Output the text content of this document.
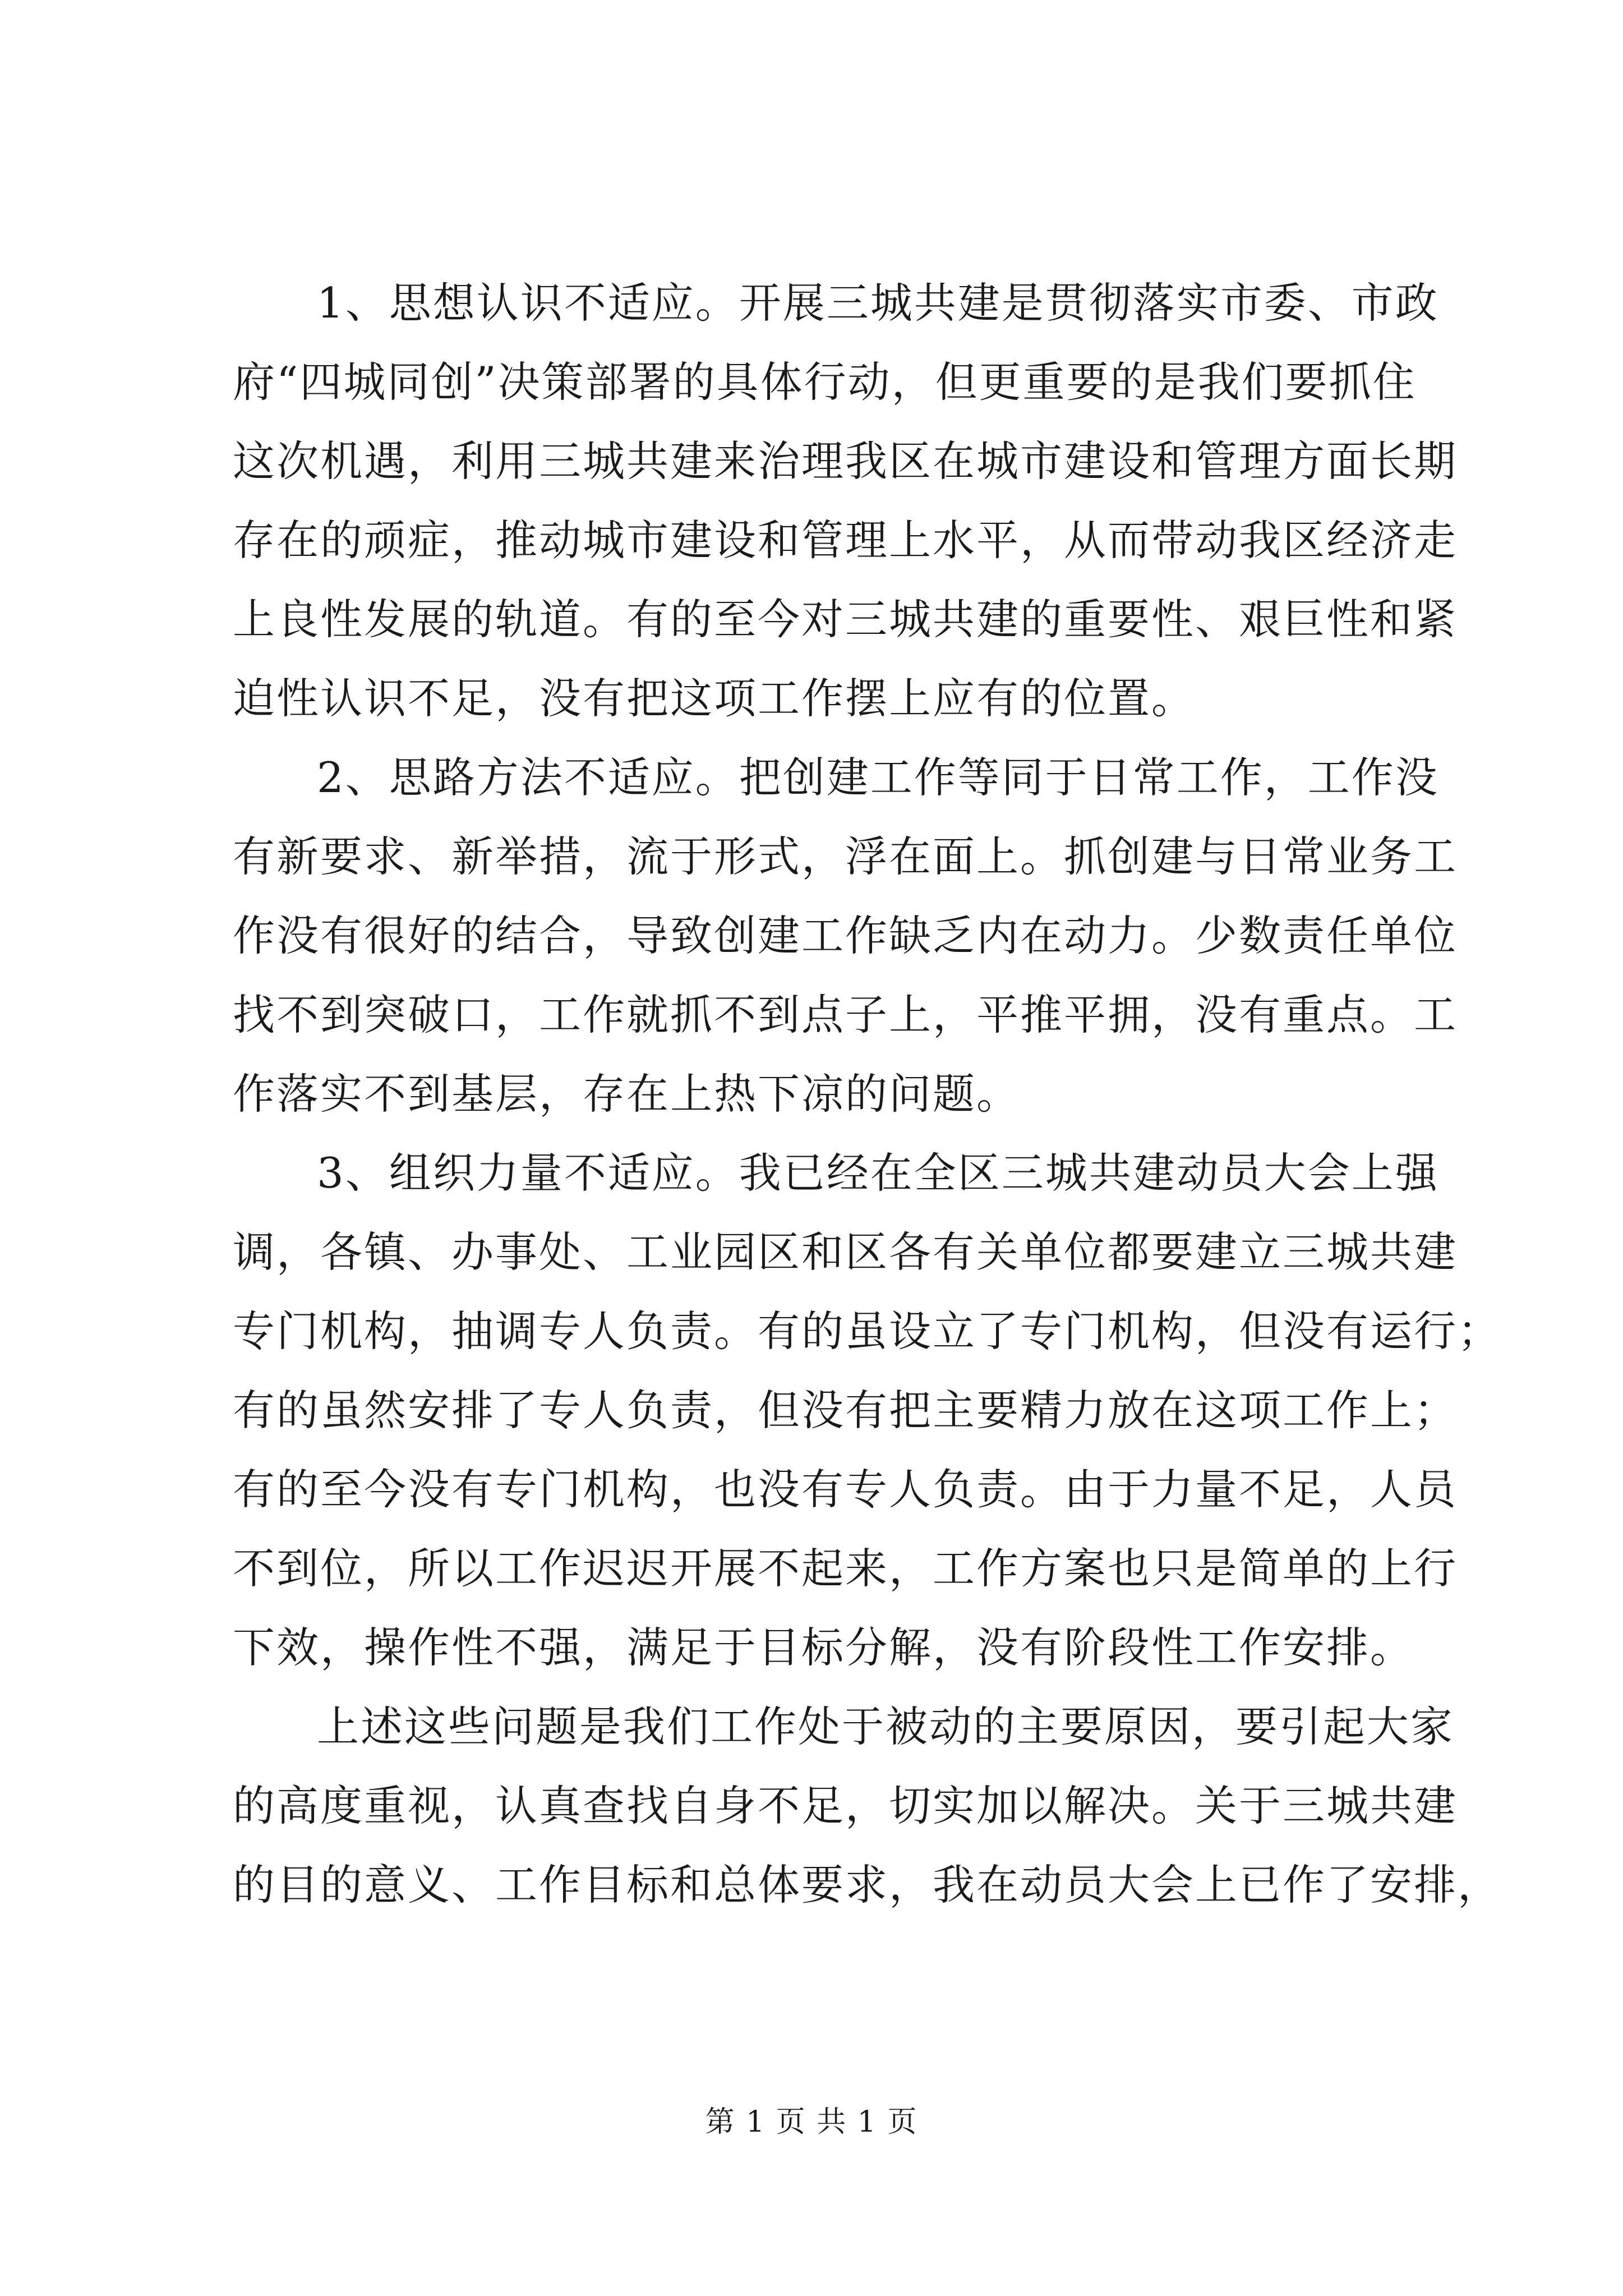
1、思想认识不适应。开展三城共建是贯彻落实市委、市政
府“四城同创”决策部署的具体行动，但更重要的是我们要抓住
这次机遇，利用三城共建来治理我区在城市建设和管理方面长期
存在的顽症，推动城市建设和管理上水平，从而带动我区经济走
上良性发展的轨道。有的至今对三城共建的重要性、艰巨性和紧
迫性认识不足，没有把这项工作摆上应有的位置。
2、思路方法不适应。把创建工作等同于日常工作，工作没
有新要求、新举措，流于形式，浮在面上。抓创建与日常业务工
作没有很好的结合，导致创建工作缺乏内在动力。少数责任单位
找不到突破口，工作就抓不到点子上，平推平拥，没有重点。工
作落实不到基层，存在上热下凉的问题。
3、组织力量不适应。我已经在全区三城共建动员大会上强
调，各镇、办事处、工业园区和区各有关单位都要建立三城共建
专门机构，抽调专人负责。有的虽设立了专门机构，但没有运行；
有的虽然安排了专人负责，但没有把主要精力放在这项工作上；
有的至今没有专门机构，也没有专人负责。由于力量不足，人员
不到位，所以工作迟迟开展不起来，工作方案也只是简单的上行
下效，操作性不强，满足于目标分解，没有阶段性工作安排。
上述这些问题是我们工作处于被动的主要原因，要引起大家
的高度重视，认真查找自身不足，切实加以解决。关于三城共建
的目的意义、工作目标和总体要求，我在动员大会上已作了安排，
第 1 页 共 1 页
